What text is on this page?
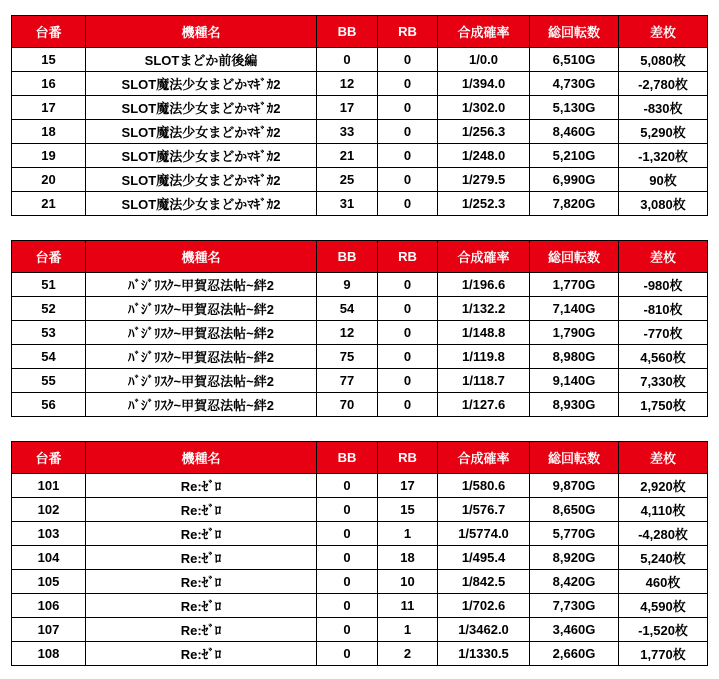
台番	機種名	BB	RB	合成確率	総回転数	差枚
15	SLOTまどか前後編	0	0	1/0.0	6,510G	5,080枚
16	SLOT魔法少女まどかﾏｷﾞｶ2	12	0	1/394.0	4,730G	-2,780枚
17	SLOT魔法少女まどかﾏｷﾞｶ2	17	0	1/302.0	5,130G	-830枚
18	SLOT魔法少女まどかﾏｷﾞｶ2	33	0	1/256.3	8,460G	5,290枚
19	SLOT魔法少女まどかﾏｷﾞｶ2	21	0	1/248.0	5,210G	-1,320枚
20	SLOT魔法少女まどかﾏｷﾞｶ2	25	0	1/279.5	6,990G	90枚
21	SLOT魔法少女まどかﾏｷﾞｶ2	31	0	1/252.3	7,820G	3,080枚
台番	機種名	BB	RB	合成確率	総回転数	差枚
51	ﾊﾞｼﾞﾘｽｸ~甲賀忍法帖~絆2	9	0	1/196.6	1,770G	-980枚
52	ﾊﾞｼﾞﾘｽｸ~甲賀忍法帖~絆2	54	0	1/132.2	7,140G	-810枚
53	ﾊﾞｼﾞﾘｽｸ~甲賀忍法帖~絆2	12	0	1/148.8	1,790G	-770枚
54	ﾊﾞｼﾞﾘｽｸ~甲賀忍法帖~絆2	75	0	1/119.8	8,980G	4,560枚
55	ﾊﾞｼﾞﾘｽｸ~甲賀忍法帖~絆2	77	0	1/118.7	9,140G	7,330枚
56	ﾊﾞｼﾞﾘｽｸ~甲賀忍法帖~絆2	70	0	1/127.6	8,930G	1,750枚
台番	機種名	BB	RB	合成確率	総回転数	差枚
101	Re:ｾﾞﾛ	0	17	1/580.6	9,870G	2,920枚
102	Re:ｾﾞﾛ	0	15	1/576.7	8,650G	4,110枚
103	Re:ｾﾞﾛ	0	1	1/5774.0	5,770G	-4,280枚
104	Re:ｾﾞﾛ	0	18	1/495.4	8,920G	5,240枚
105	Re:ｾﾞﾛ	0	10	1/842.5	8,420G	460枚
106	Re:ｾﾞﾛ	0	11	1/702.6	7,730G	4,590枚
107	Re:ｾﾞﾛ	0	1	1/3462.0	3,460G	-1,520枚
108	Re:ｾﾞﾛ	0	2	1/1330.5	2,660G	1,770枚
